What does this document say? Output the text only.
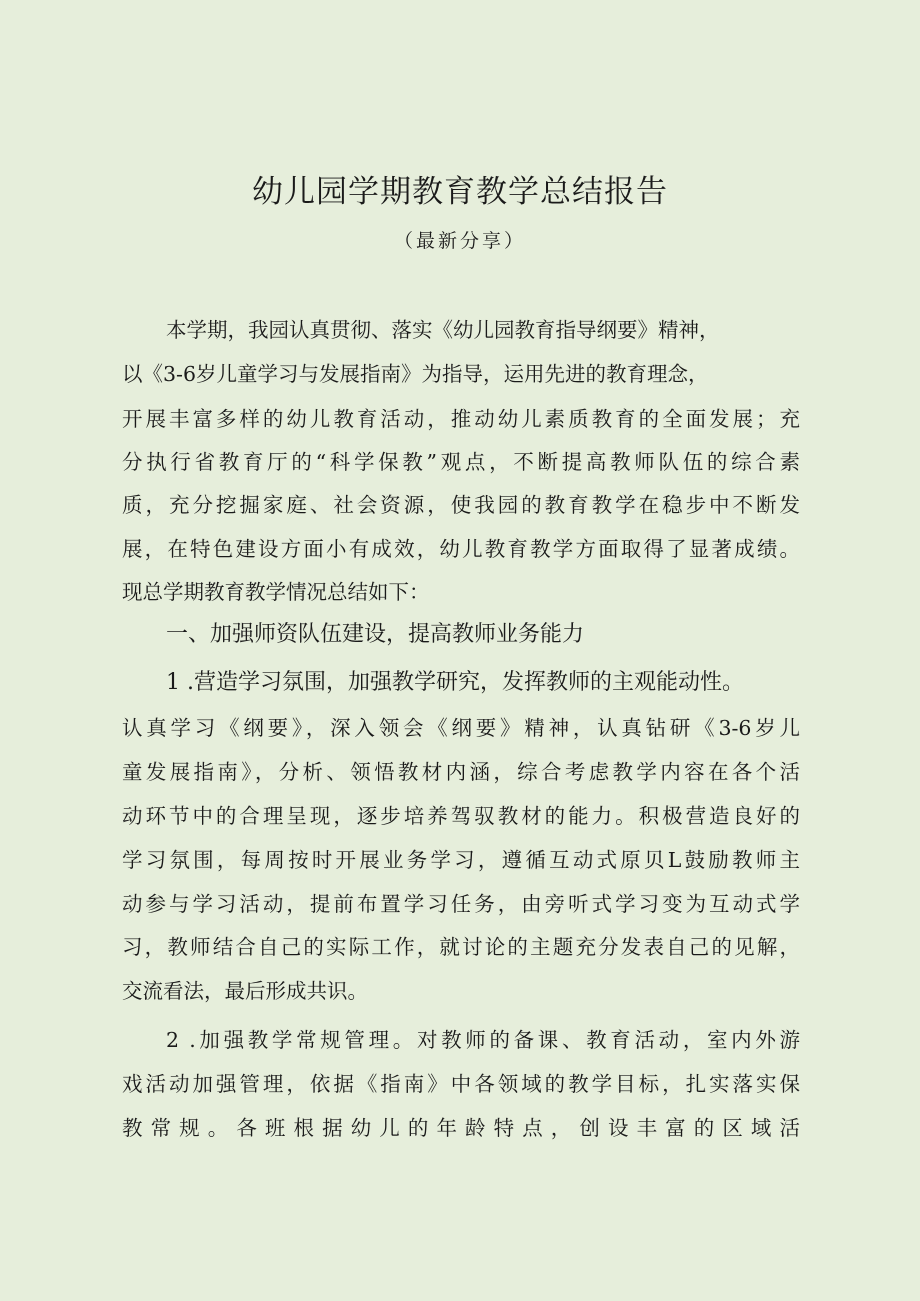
幼儿园学期教育教学总结报告
（最新分享）
本学期，我园认真贯彻、落实《幼儿园教育指导纲要》精神，
以《3-6岁儿童学习与发展指南》为指导，运用先进的教育理念，
开展丰富多样的幼儿教育活动，推动幼儿素质教育的全面发展；充
分执行省教育厅的“科学保教”观点，不断提高教师队伍的综合素
质，充分挖掘家庭、社会资源，使我园的教育教学在稳步中不断发
展，在特色建设方面小有成效，幼儿教育教学方面取得了显著成绩。
现总学期教育教学情况总结如下：
一、加强师资队伍建设，提高教师业务能力
1 .营造学习氛围，加强教学研究，发挥教师的主观能动性。
认真学习《纲要》，深入领会《纲要》精神，认真钻研《3-6岁儿
童发展指南》，分析、领悟教材内涵，综合考虑教学内容在各个活
动环节中的合理呈现，逐步培养驾驭教材的能力。积极营造良好的
学习氛围，每周按时开展业务学习，遵循互动式原贝L鼓励教师主
动参与学习活动，提前布置学习任务，由旁听式学习变为互动式学
习，教师结合自己的实际工作，就讨论的主题充分发表自己的见解，
交流看法，最后形成共识。
2 .加强教学常规管理。对教师的备课、教育活动，室内外游
戏活动加强管理，依据《指南》中各领域的教学目标，扎实落实保
教常规。各班根据幼儿的年龄特点，创设丰富的区域活
